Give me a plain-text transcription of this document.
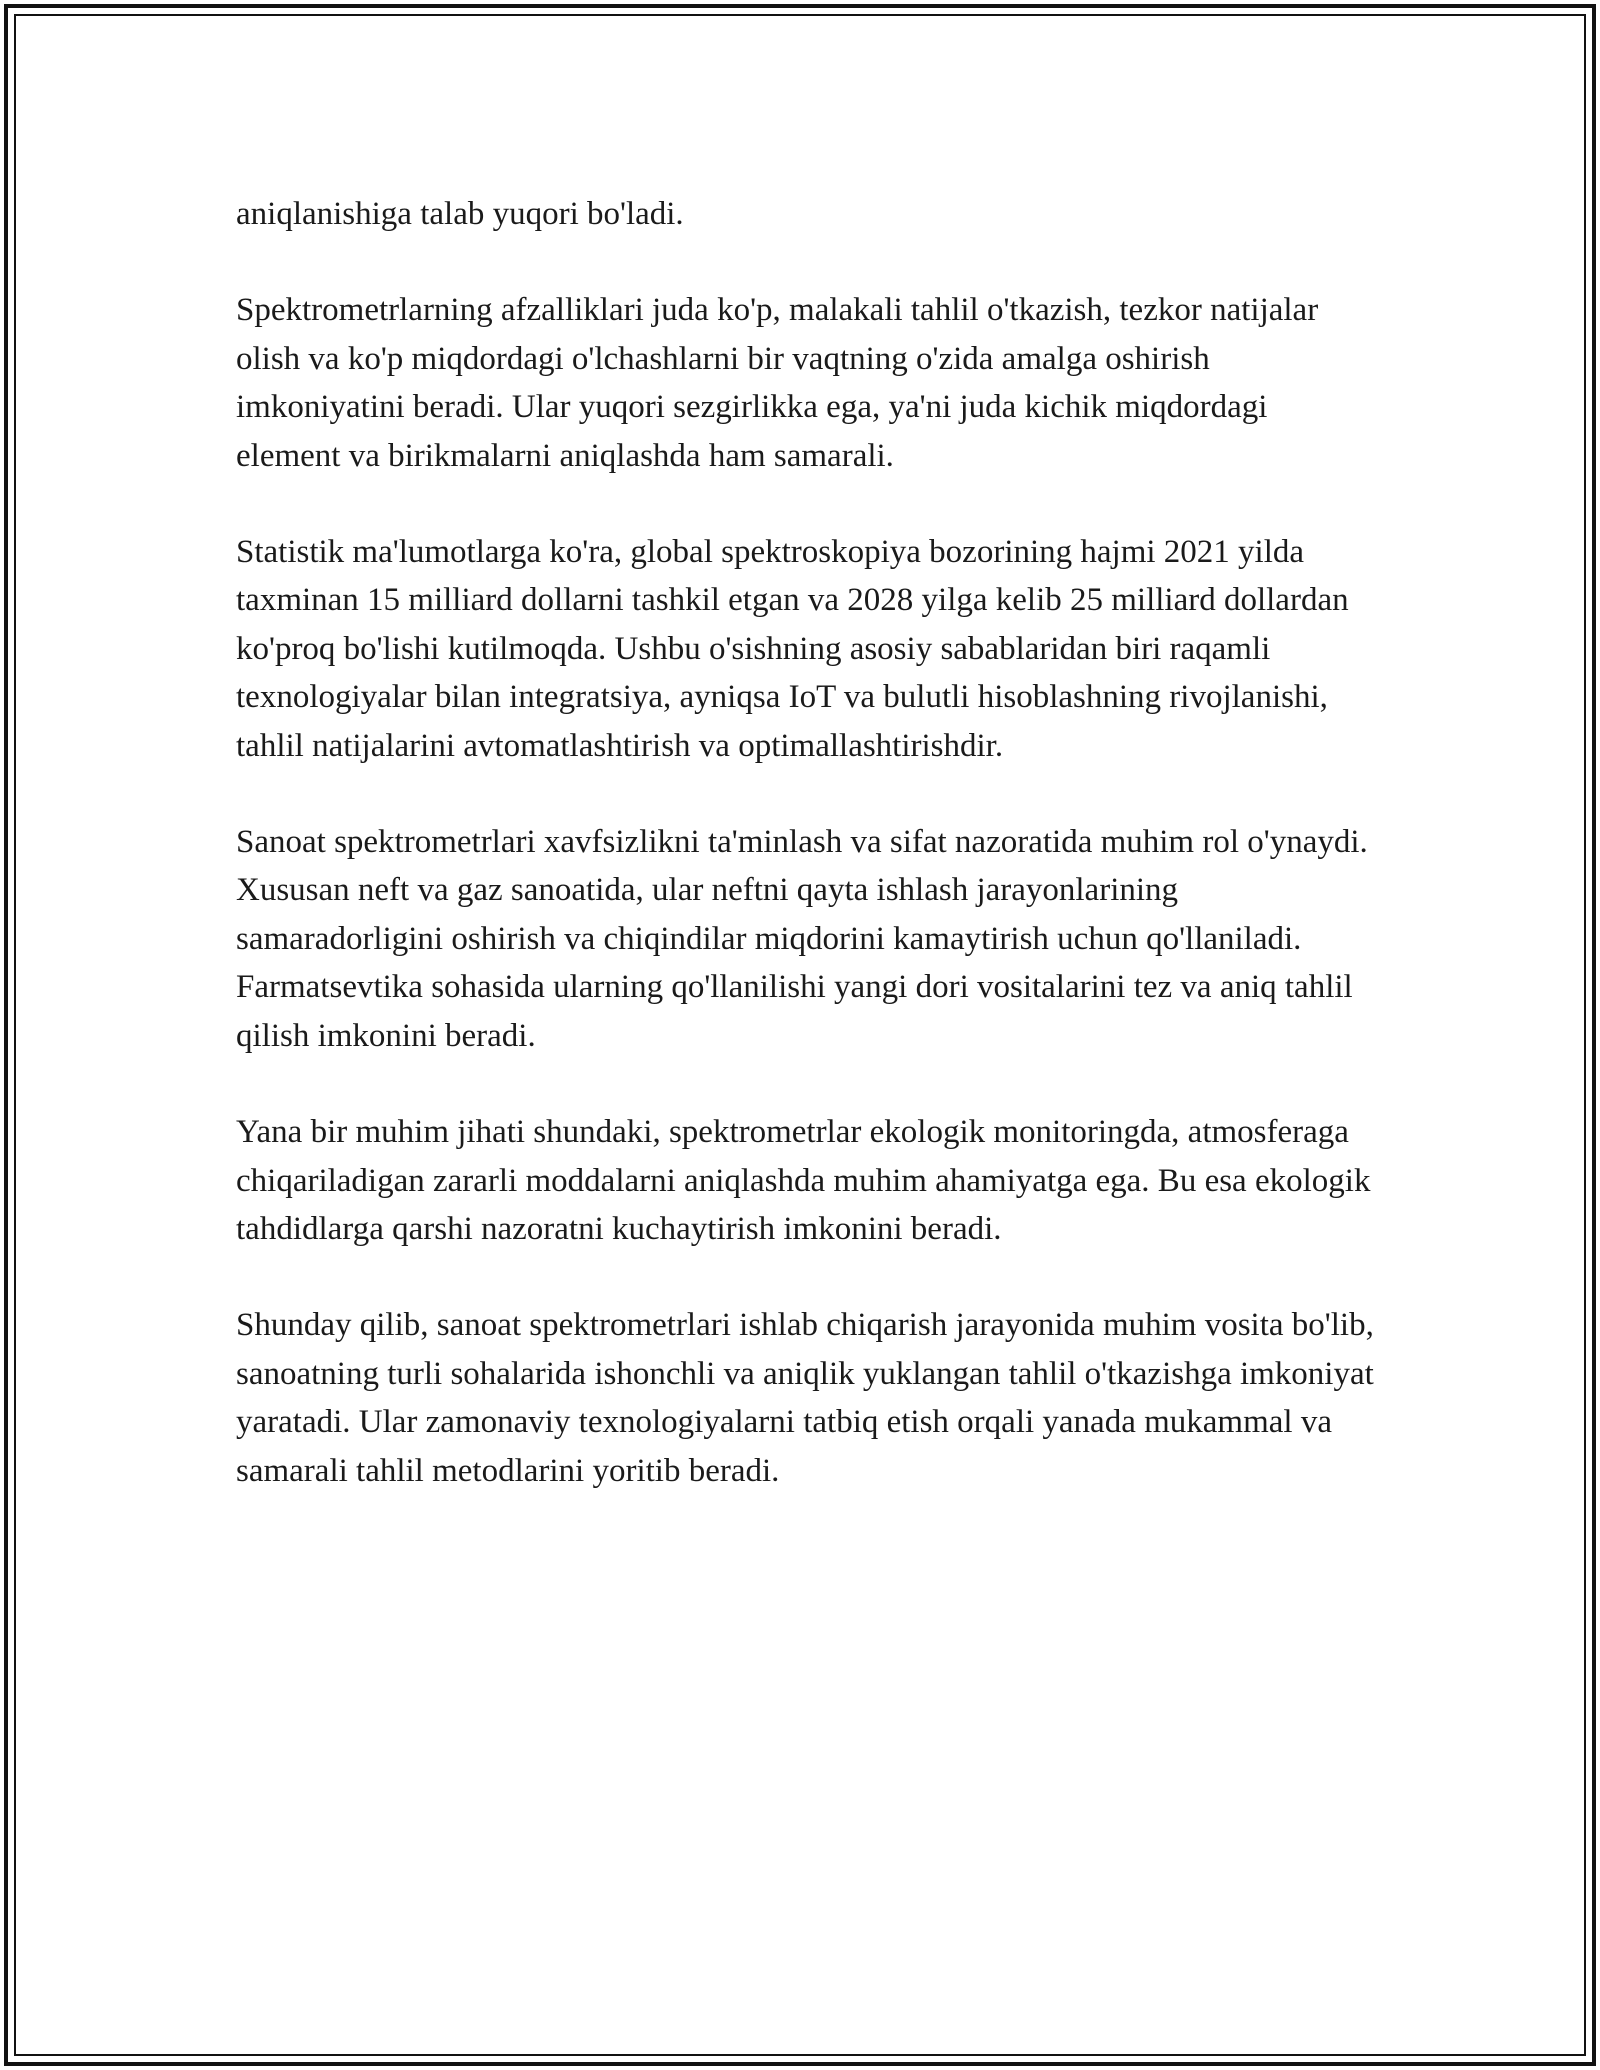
aniqlanishiga talab yuqori bo'ladi.

Spektrometrlarning afzalliklari juda ko'p, malakali tahlil o'tkazish, tezkor natijalar olish va ko'p miqdordagi o'lchashlarni bir vaqtning o'zida amalga oshirish imkoniyatini beradi. Ular yuqori sezgirlikka ega, ya'ni juda kichik miqdordagi element va birikmalarni aniqlashda ham samarali.

Statistik ma'lumotlarga ko'ra, global spektroskopiya bozorining hajmi 2021 yilda taxminan 15 milliard dollarni tashkil etgan va 2028 yilga kelib 25 milliard dollardan ko'proq bo'lishi kutilmoqda. Ushbu o'sishning asosiy sabablaridan biri raqamli texnologiyalar bilan integratsiya, ayniqsa IoT va bulutli hisoblashning rivojlanishi, tahlil natijalarini avtomatlashtirish va optimallashtirishdir.

Sanoat spektrometrlari xavfsizlikni ta'minlash va sifat nazoratida muhim rol o'ynaydi. Xususan neft va gaz sanoatida, ular neftni qayta ishlash jarayonlarining samaradorligini oshirish va chiqindilar miqdorini kamaytirish uchun qo'llaniladi. Farmatsevtika sohasida ularning qo'llanilishi yangi dori vositalarini tez va aniq tahlil qilish imkonini beradi.

Yana bir muhim jihati shundaki, spektrometrlar ekologik monitoringda, atmosferaga chiqariladigan zararli moddalarni aniqlashda muhim ahamiyatga ega. Bu esa ekologik tahdidlarga qarshi nazoratni kuchaytirish imkonini beradi.

Shunday qilib, sanoat spektrometrlari ishlab chiqarish jarayonida muhim vosita bo'lib, sanoatning turli sohalarida ishonchli va aniqlik yuklangan tahlil o'tkazishga imkoniyat yaratadi. Ular zamonaviy texnologiyalarni tatbiq etish orqali yanada mukammal va samarali tahlil metodlarini yoritib beradi.
